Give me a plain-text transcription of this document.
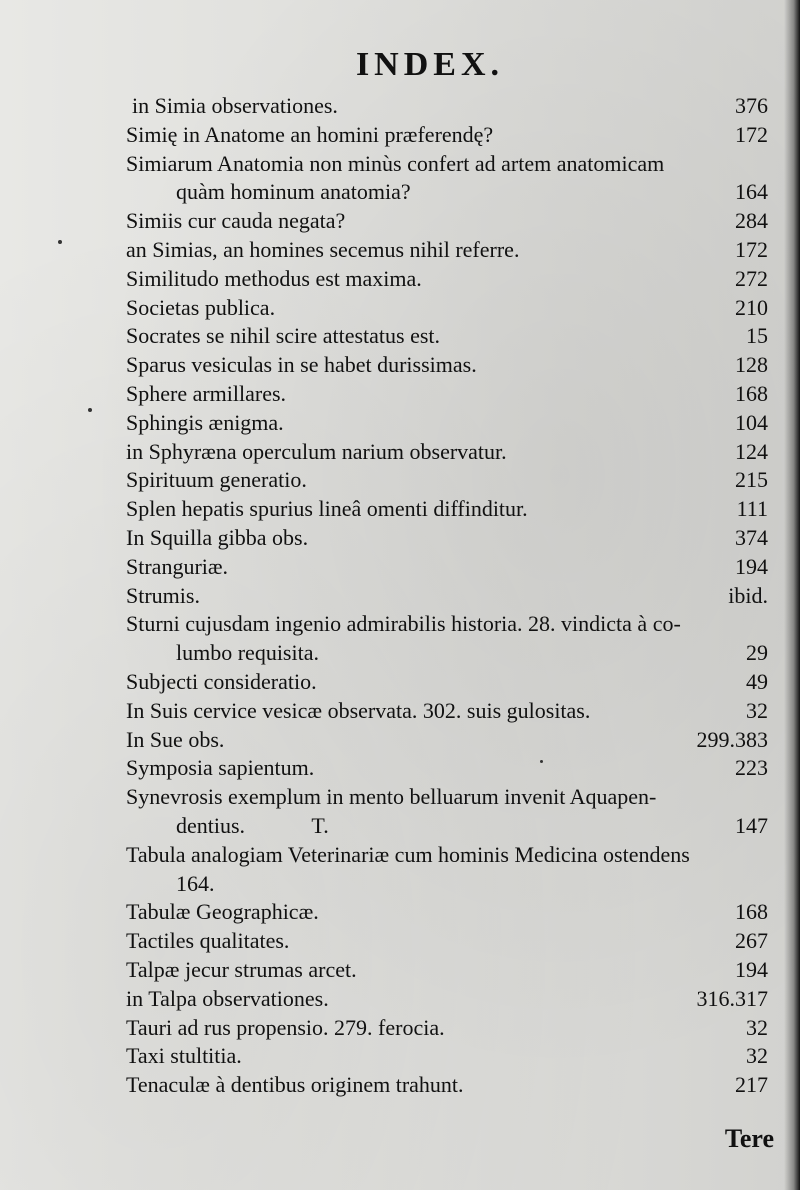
INDEX.
in Simia observationes.	376
Simię in Anatome an homini præferendę?	172
Simiarum Anatomia non minùs confert ad artem anatomicam
quàm hominum anatomia?	164
Simiis cur cauda negata?	284
an Simias, an homines secemus nihil referre.	172
Similitudo methodus est maxima.	272
Societas publica.	210
Socrates se nihil scire attestatus est.	15
Sparus vesiculas in se habet durissimas.	128
Sphere armillares.	168
Sphingis ænigma.	104
in Sphyræna operculum narium observatur.	124
Spirituum generatio.	215
Splen hepatis spurius lineâ omenti diffinditur.	111
In Squilla gibba obs.	374
Stranguriæ.	194
Strumis.	ibid.
Sturni cujusdam ingenio admirabilis historia. 28. vindicta à co-
lumbo requisita.	29
Subjecti consideratio.	49
In Suis cervice vesicæ observata. 302. suis gulositas.	32
In Sue obs.	299.383
Symposia sapientum.	223
Synevrosis exemplum in mento belluarum invenit Aquapen-
dentius.	T.	147
Tabula analogiam Veterinariæ cum hominis Medicina ostendens
164.
Tabulæ Geographicæ.	168
Tactiles qualitates.	267
Talpæ jecur strumas arcet.	194
in Talpa observationes.	316.317
Tauri ad rus propensio. 279. ferocia.	32
Taxi stultitia.	32
Tenaculæ à dentibus originem trahunt.	217
Tere
